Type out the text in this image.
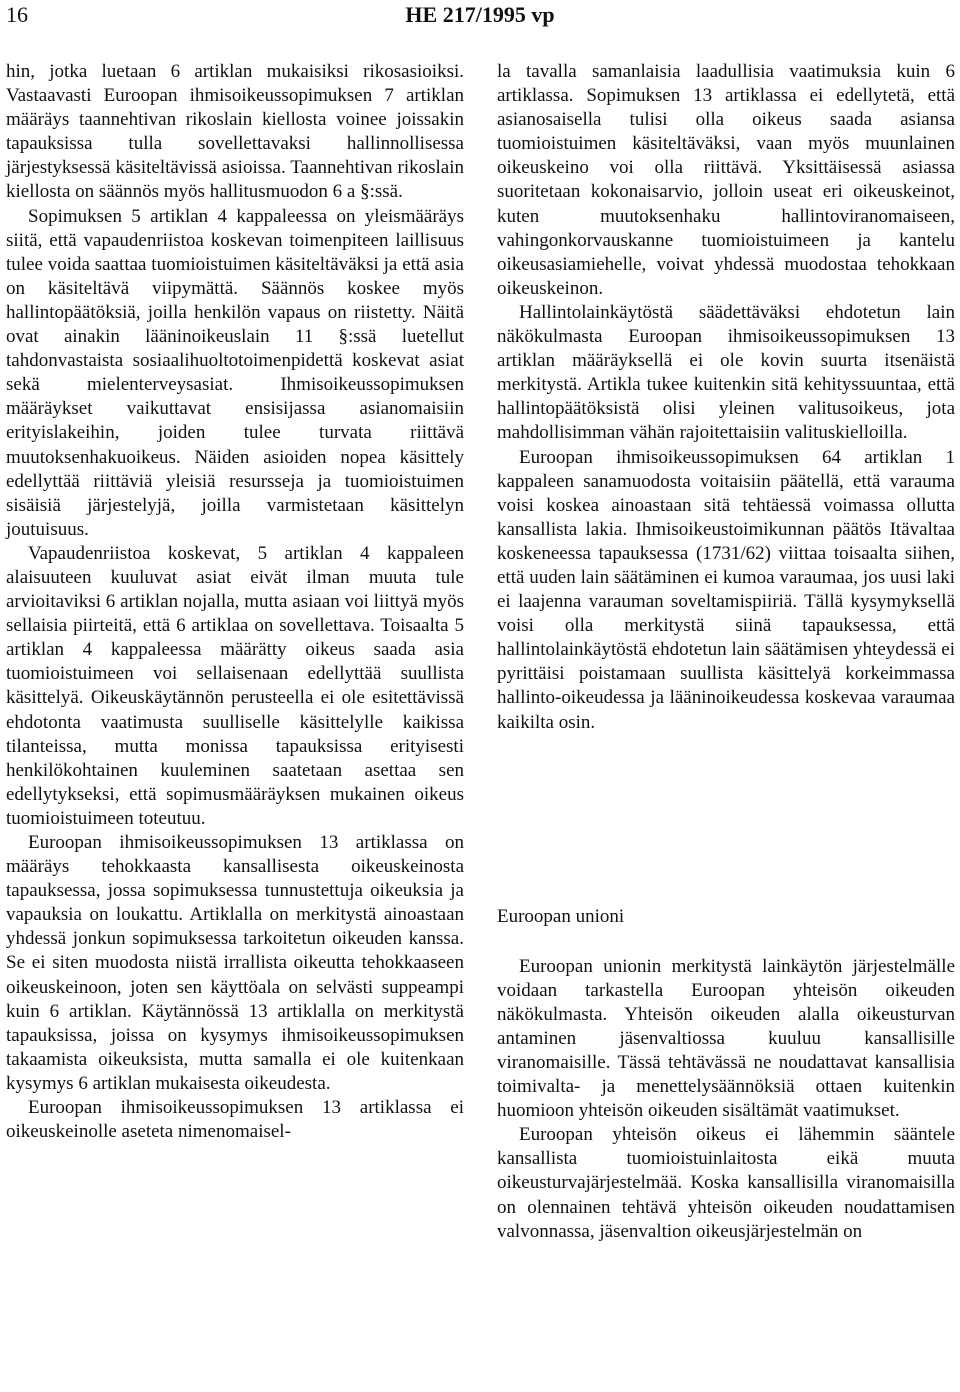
16	HE 217/1995 vp

hin, jotka luetaan 6 artiklan mukaisiksi rikosasioiksi. Vastaavasti Euroopan ihmisoikeussopimuksen 7 artiklan määräys taannehtivan rikoslain kiellosta voinee joissakin tapauksissa tulla sovellettavaksi hallinnollisessa järjestyksessä käsiteltävissä asioissa. Taannehtivan rikoslain kiellosta on säännös myös hallitusmuodon 6 a §:ssä.

Sopimuksen 5 artiklan 4 kappaleessa on yleismääräys siitä, että vapaudenriistoa koskevan toimenpiteen laillisuus tulee voida saattaa tuomioistuimen käsiteltäväksi ja että asia on käsiteltävä viipymättä. Säännös koskee myös hallintopäätöksiä, joilla henkilön vapaus on riistetty. Näitä ovat ainakin lääninoikeuslain 11 §:ssä luetellut tahdonvastaista sosiaalihuoltotoimenpidettä koskevat asiat sekä mielenterveysasiat. Ihmisoikeussopimuksen määräykset vaikuttavat ensisijassa asianomaisiin erityislakeihin, joiden tulee turvata riittävä muutoksenhakuoikeus. Näiden asioiden nopea käsittely edellyttää riittäviä yleisiä resursseja ja tuomioistuimen sisäisiä järjestelyjä, joilla varmistetaan käsittelyn joutuisuus.

Vapaudenriistoa koskevat, 5 artiklan 4 kappaleen alaisuuteen kuuluvat asiat eivät ilman muuta tule arvioitaviksi 6 artiklan nojalla, mutta asiaan voi liittyä myös sellaisia piirteitä, että 6 artiklaa on sovellettava. Toisaalta 5 artiklan 4 kappaleessa määrätty oikeus saada asia tuomioistuimeen voi sellaisenaan edellyttää suullista käsittelyä. Oikeuskäytännön perusteella ei ole esitettävissä ehdotonta vaatimusta suulliselle käsittelylle kaikissa tilanteissa, mutta monissa tapauksissa erityisesti henkilökohtainen kuuleminen saatetaan asettaa sen edellytykseksi, että sopimusmääräyksen mukainen oikeus tuomioistuimeen toteutuu.

Euroopan ihmisoikeussopimuksen 13 artiklassa on määräys tehokkaasta kansallisesta oikeuskeinosta tapauksessa, jossa sopimuksessa tunnustettuja oikeuksia ja vapauksia on loukattu. Artiklalla on merkitystä ainoastaan yhdessä jonkun sopimuksessa tarkoitetun oikeuden kanssa. Se ei siten muodosta niistä irrallista oikeutta tehokkaaseen oikeuskeinoon, joten sen käyttöala on selvästi suppeampi kuin 6 artiklan. Käytännössä 13 artiklalla on merkitystä tapauksissa, joissa on kysymys ihmisoikeussopimuksen takaamista oikeuksista, mutta samalla ei ole kuitenkaan kysymys 6 artiklan mukaisesta oikeudesta.

Euroopan ihmisoikeussopimuksen 13 artiklassa ei oikeuskeinolle aseteta nimenomaisel-

la tavalla samanlaisia laadullisia vaatimuksia kuin 6 artiklassa. Sopimuksen 13 artiklassa ei edellytetä, että asianosaisella tulisi olla oikeus saada asiansa tuomioistuimen käsiteltäväksi, vaan myös muunlainen oikeuskeino voi olla riittävä. Yksittäisessä asiassa suoritetaan kokonaisarvio, jolloin useat eri oikeuskeinot, kuten muutoksenhaku hallintoviranomaiseen, vahingonkorvauskanne tuomioistuimeen ja kantelu oikeusasiamiehelle, voivat yhdessä muodostaa tehokkaan oikeuskeinon.

Hallintolainkäytöstä säädettäväksi ehdotetun lain näkökulmasta Euroopan ihmisoikeussopimuksen 13 artiklan määräyksellä ei ole kovin suurta itsenäistä merkitystä. Artikla tukee kuitenkin sitä kehityssuuntaa, että hallintopäätöksistä olisi yleinen valitusoikeus, jota mahdollisimman vähän rajoitettaisiin valituskielloilla.

Euroopan ihmisoikeussopimuksen 64 artiklan 1 kappaleen sanamuodosta voitaisiin päätellä, että varauma voisi koskea ainoastaan sitä tehtäessä voimassa ollutta kansallista lakia. Ihmisoikeustoimikunnan päätös Itävaltaa koskeneessa tapauksessa (1731/62) viittaa toisaalta siihen, että uuden lain säätäminen ei kumoa varaumaa, jos uusi laki ei laajenna varauman soveltamispiiriä. Tällä kysymyksellä voisi olla merkitystä siinä tapauksessa, että hallintolainkäytöstä ehdotetun lain säätämisen yhteydessä ei pyrittäisi poistamaan suullista käsittelyä korkeimmassa hallinto-oikeudessa ja lääninoikeudessa koskevaa varaumaa kaikilta osin.

Euroopan unioni

Euroopan unionin merkitystä lainkäytön järjestelmälle voidaan tarkastella Euroopan yhteisön oikeuden näkökulmasta. Yhteisön oikeuden alalla oikeusturvan antaminen jäsenvaltiossa kuuluu kansallisille viranomaisille. Tässä tehtävässä ne noudattavat kansallisia toimivalta- ja menettelysäännöksiä ottaen kuitenkin huomioon yhteisön oikeuden sisältämät vaatimukset.

Euroopan yhteisön oikeus ei lähemmin sääntele kansallista tuomioistuinlaitosta eikä muuta oikeusturvajärjestelmää. Koska kansallisilla viranomaisilla on olennainen tehtävä yhteisön oikeuden noudattamisen valvonnassa, jäsenvaltion oikeusjärjestelmän on
